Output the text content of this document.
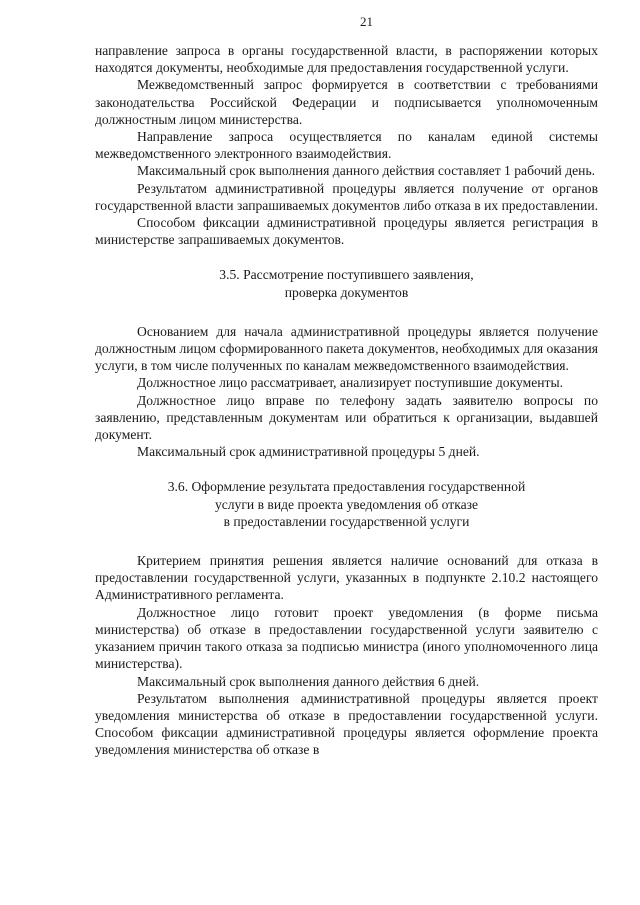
21

направление запроса в органы государственной власти, в распоряжении которых находятся документы, необходимые для предоставления государственной услуги.

Межведомственный запрос формируется в соответствии с требованиями законодательства Российской Федерации и подписывается уполномоченным должностным лицом министерства.

Направление запроса осуществляется по каналам единой системы межведомственного электронного взаимодействия.

Максимальный срок выполнения данного действия составляет 1 рабочий день.

Результатом административной процедуры является получение от органов государственной власти запрашиваемых документов либо отказа в их предоставлении.

Способом фиксации административной процедуры является регистрация в министерстве запрашиваемых документов.

3.5. Рассмотрение поступившего заявления,
проверка документов

Основанием для начала административной процедуры является получение должностным лицом сформированного пакета документов, необходимых для оказания услуги, в том числе полученных по каналам межведомственного взаимодействия.

Должностное лицо рассматривает, анализирует поступившие документы.

Должностное лицо вправе по телефону задать заявителю вопросы по заявлению, представленным документам или обратиться к организации, выдавшей документ.

Максимальный срок административной процедуры 5 дней.

3.6. Оформление результата предоставления государственной
услуги в виде проекта уведомления об отказе
в предоставлении государственной услуги

Критерием принятия решения является наличие оснований для отказа в предоставлении государственной услуги, указанных в подпункте 2.10.2 настоящего Административного регламента.

Должностное лицо готовит проект уведомления (в форме письма министерства) об отказе в предоставлении государственной услуги заявителю с указанием причин такого отказа за подписью министра (иного уполномоченного лица министерства).

Максимальный срок выполнения данного действия 6 дней.

Результатом выполнения административной процедуры является проект уведомления министерства об отказе в предоставлении государственной услуги. Способом фиксации административной процедуры является оформление проекта уведомления министерства об отказе в
